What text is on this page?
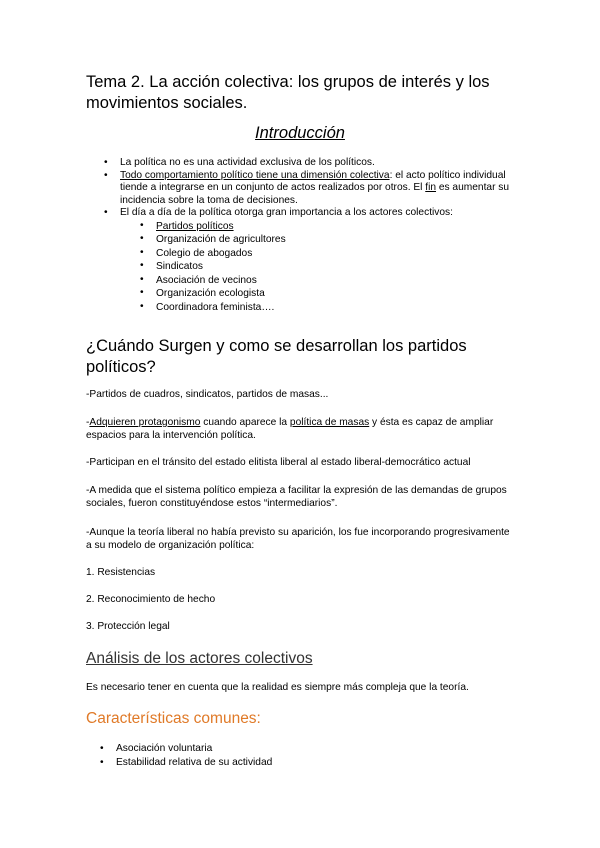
Tema 2. La acción colectiva: los grupos de interés y los movimientos sociales.
Introducción
•	La política no es una actividad exclusiva de los políticos.
•	Todo comportamiento político tiene una dimensión colectiva: el acto político individual tiende a integrarse en un conjunto de actos realizados por otros. El fin es aumentar su incidencia sobre la toma de decisiones.
•	El día a día de la política otorga gran importancia a los actores colectivos:
•	Partidos políticos
•	Organización de agricultores
•	Colegio de abogados
•	Sindicatos
•	Asociación de vecinos
•	Organización ecologista
•	Coordinadora feminista….
¿Cuándo Surgen y como se desarrollan los partidos políticos?

-Partidos de cuadros, sindicatos, partidos de masas...

-Adquieren protagonismo cuando aparece la política de masas y ésta es capaz de ampliar espacios para la intervención política.

-Participan en el tránsito del estado elitista liberal al estado liberal-democrático actual

-A medida que el sistema político empieza a facilitar la expresión de las demandas de grupos sociales, fueron constituyéndose estos “intermediarios”.

-Aunque la teoría liberal no había previsto su aparición, los fue incorporando progresivamente a su modelo de organización política:

1. Resistencias

2. Reconocimiento de hecho

3. Protección legal

Análisis de los actores colectivos

Es necesario tener en cuenta que la realidad es siempre más compleja que la teoría.

Características comunes:
•	Asociación voluntaria
•	Estabilidad relativa de su actividad
